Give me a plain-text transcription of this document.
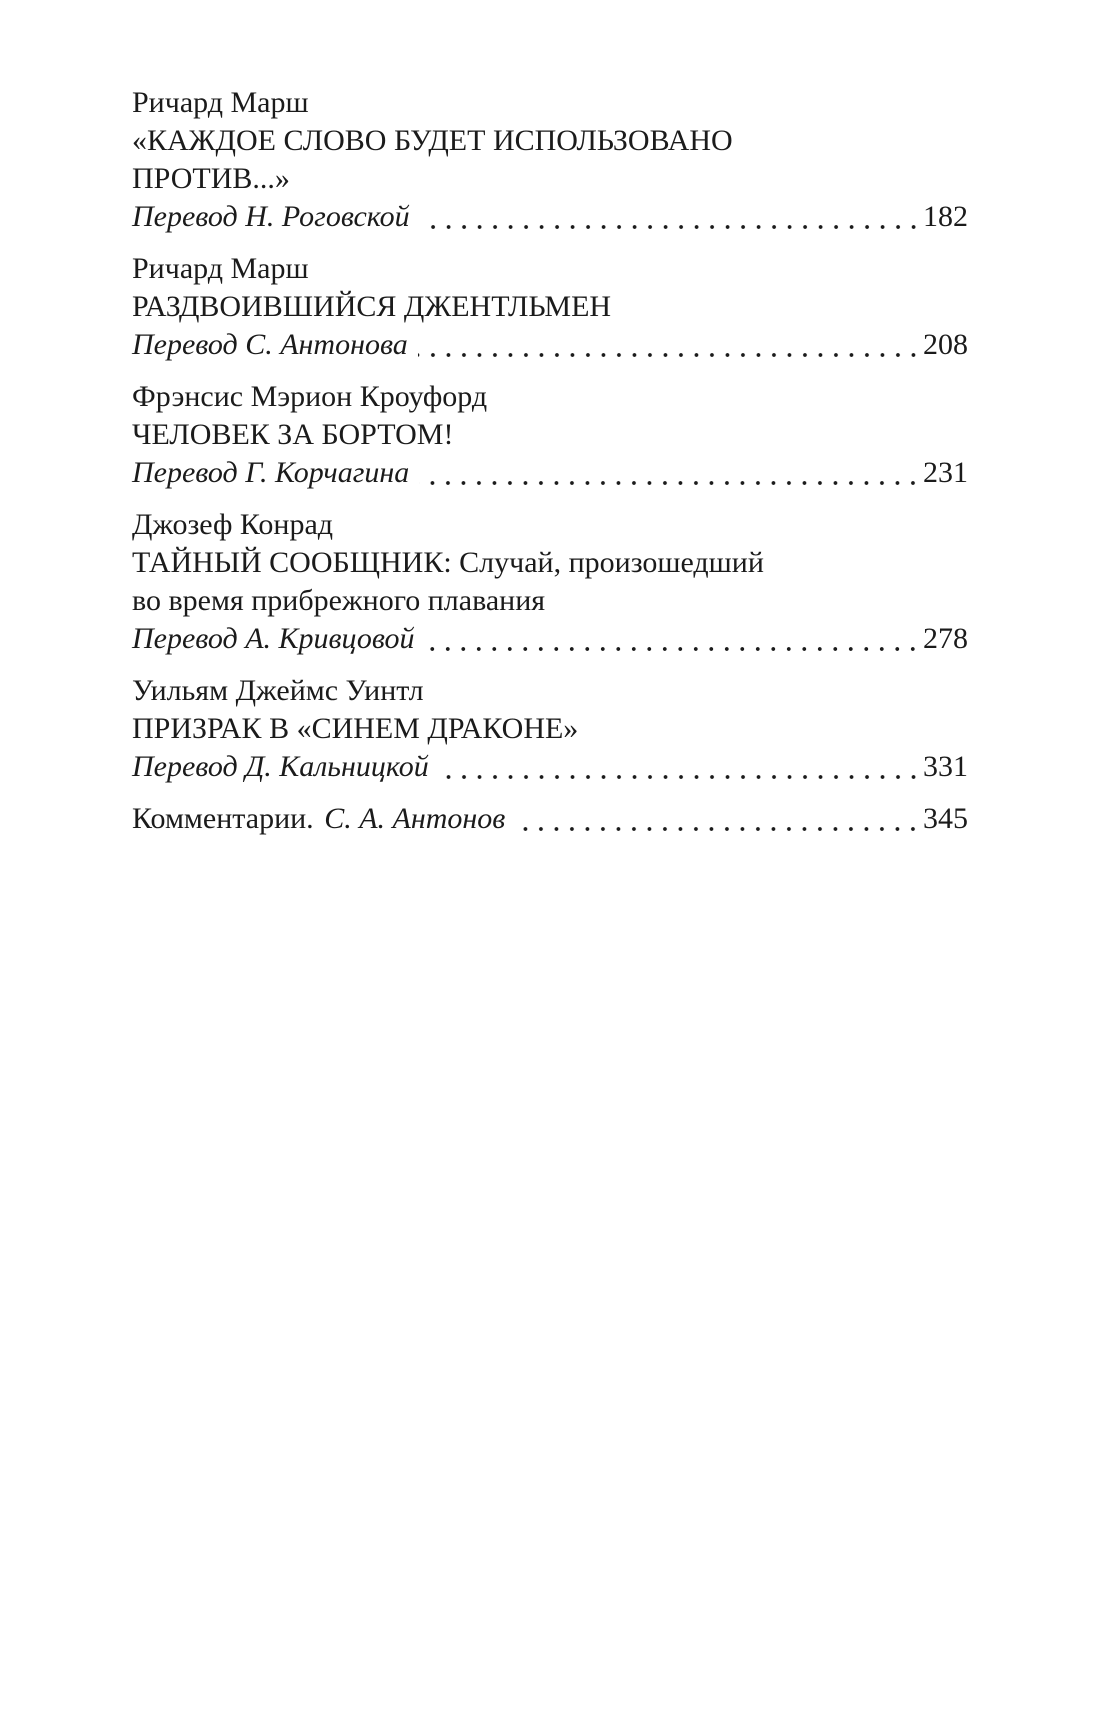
Ричард Марш
«КАЖДОЕ СЛОВО БУДЕТ ИСПОЛЬЗОВАНО
ПРОТИВ...»
Перевод Н. Роговской	182
Ричард Марш
РАЗДВОИВШИЙСЯ ДЖЕНТЛЬМЕН
Перевод С. Антонова	208
Фрэнсис Мэрион Кроуфорд
ЧЕЛОВЕК ЗА БОРТОМ!
Перевод Г. Корчагина	231
Джозеф Конрад
ТАЙНЫЙ СООБЩНИК: Случай, произошедший
во время прибрежного плавания
Перевод А. Кривцовой	278
Уильям Джеймс Уинтл
ПРИЗРАК В «СИНЕМ ДРАКОНЕ»
Перевод Д. Кальницкой	331
Комментарии. С. А. Антонов	345
